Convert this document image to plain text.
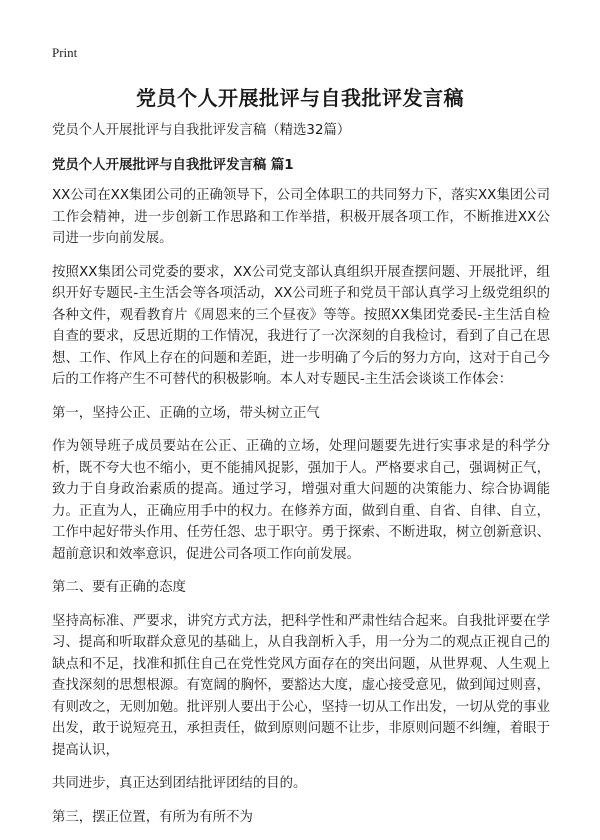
Print
党员个人开展批评与自我批评发言稿

党员个人开展批评与自我批评发言稿（精选32篇）

党员个人开展批评与自我批评发言稿 篇1

XX公司在XX集团公司的正确领导下，公司全体职工的共同努力下，落实XX集团公司工作会精神，进一步创新工作思路和工作举措，积极开展各项工作，不断推进XX公司进一步向前发展。

按照XX集团公司党委的要求，XX公司党支部认真组织开展查摆问题、开展批评，组织开好专题民-主生活会等各项活动，XX公司班子和党员干部认真学习上级党组织的各种文件，观看教育片《周恩来的三个昼夜》等等。按照XX集团党委民-主生活自检自查的要求，反思近期的工作情况，我进行了一次深刻的自我检讨，看到了自己在思想、工作、作风上存在的问题和差距，进一步明确了今后的努力方向，这对于自己今后的工作将产生不可替代的积极影响。本人对专题民-主生活会谈谈工作体会：

第一，坚持公正、正确的立场，带头树立正气

作为领导班子成员要站在公正、正确的立场，处理问题要先进行实事求是的科学分析，既不夸大也不缩小，更不能捕风捉影，强加于人。严格要求自己，强调树正气，致力于自身政治素质的提高。通过学习，增强对重大问题的决策能力、综合协调能力。正直为人，正确应用手中的权力。在修养方面，做到自重、自省、自律、自立，工作中起好带头作用、任劳任怨、忠于职守。勇于探索、不断进取，树立创新意识、超前意识和效率意识，促进公司各项工作向前发展。

第二、要有正确的态度

坚持高标准、严要求，讲究方式方法，把科学性和严肃性结合起来。自我批评要在学习、提高和听取群众意见的基础上，从自我剖析入手，用一分为二的观点正视自己的缺点和不足，找准和抓住自己在党性党风方面存在的突出问题，从世界观、人生观上查找深刻的思想根源。有宽阔的胸怀，要豁达大度，虚心接受意见，做到闻过则喜，有则改之，无则加勉。批评别人要出于公心，坚持一切从工作出发，一切从党的事业出发，敢于说短亮丑，承担责任，做到原则问题不让步，非原则问题不纠缠，着眼于提高认识，

共同进步，真正达到团结批评团结的目的。

第三，摆正位置，有所为有所不为
